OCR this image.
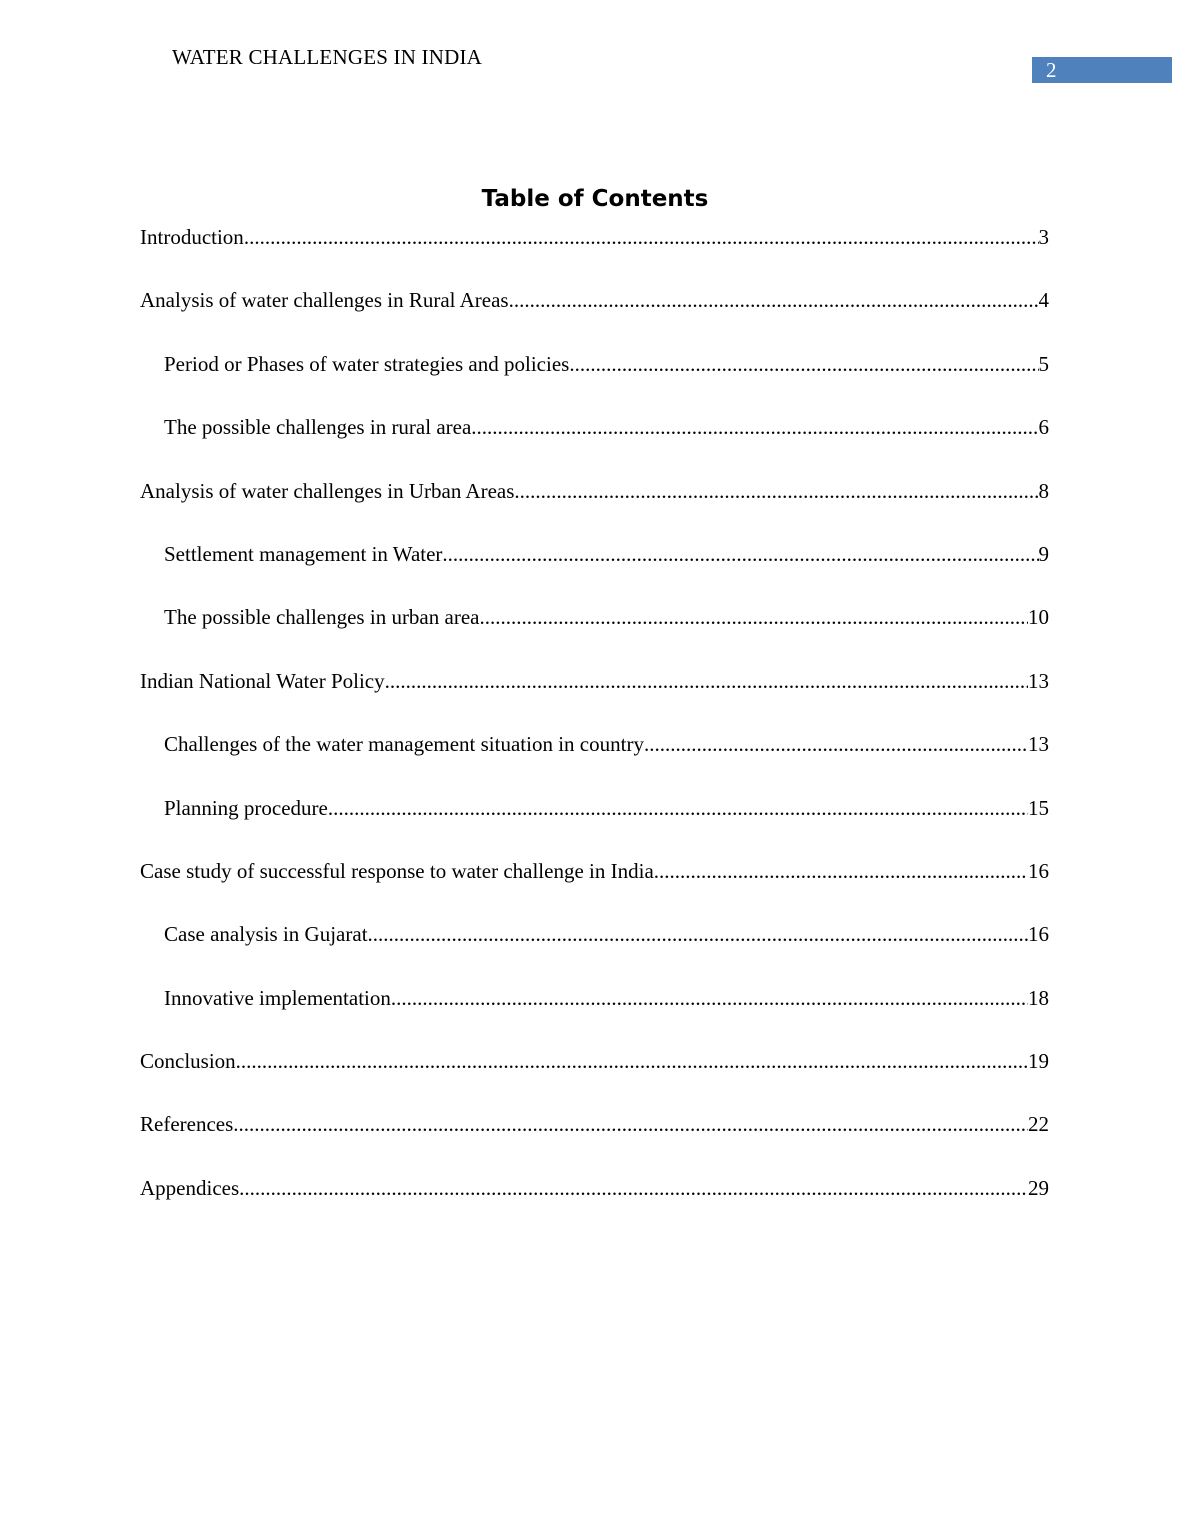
WATER CHALLENGES IN INDIA
2
Table of Contents
Introduction .....	3
Analysis of water challenges in Rural Areas .....	4
Period or Phases of water strategies and policies .....	5
The possible challenges in rural area .....	6
Analysis of water challenges in Urban Areas .....	8
Settlement management in Water .....	9
The possible challenges in urban area .....	10
Indian National Water Policy .....	13
Challenges of the water management situation in country .....	13
Planning procedure .....	15
Case study of successful response to water challenge in India .....	16
Case analysis in Gujarat .....	16
Innovative implementation .....	18
Conclusion .....	19
References .....	22
Appendices .....	29
